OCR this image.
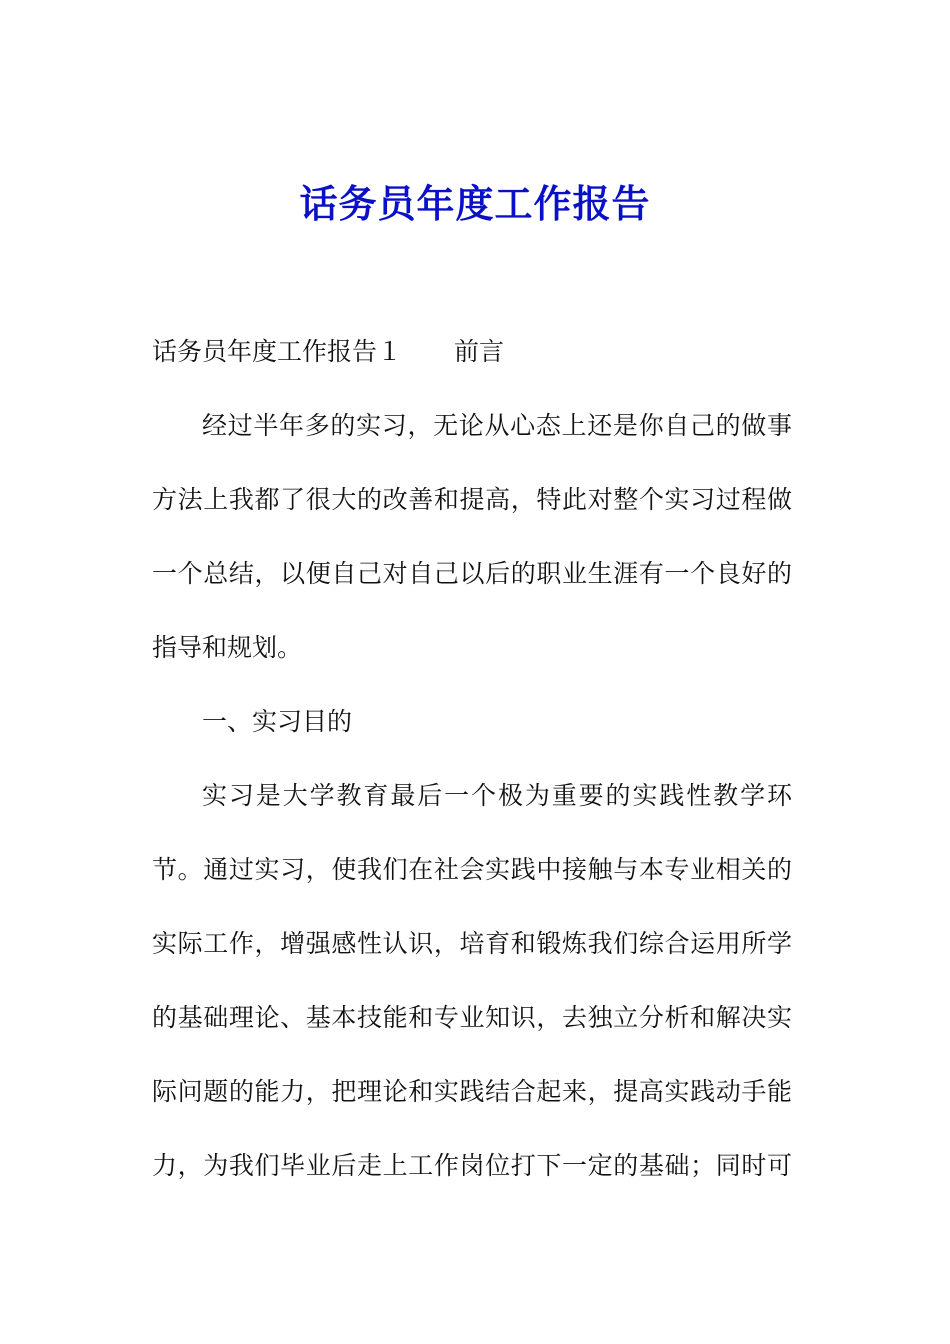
话务员年度工作报告
话务员年度工作报告１ 前言
经过半年多的实习，无论从心态上还是你自己的做事
方法上我都了很大的改善和提高，特此对整个实习过程做
一个总结，以便自己对自己以后的职业生涯有一个良好的
指导和规划。
一、实习目的
实习是大学教育最后一个极为重要的实践性教学环
节。通过实习，使我们在社会实践中接触与本专业相关的
实际工作，增强感性认识，培育和锻炼我们综合运用所学
的基础理论、基本技能和专业知识，去独立分析和解决实
际问题的能力，把理论和实践结合起来，提高实践动手能
力，为我们毕业后走上工作岗位打下一定的基础；同时可
